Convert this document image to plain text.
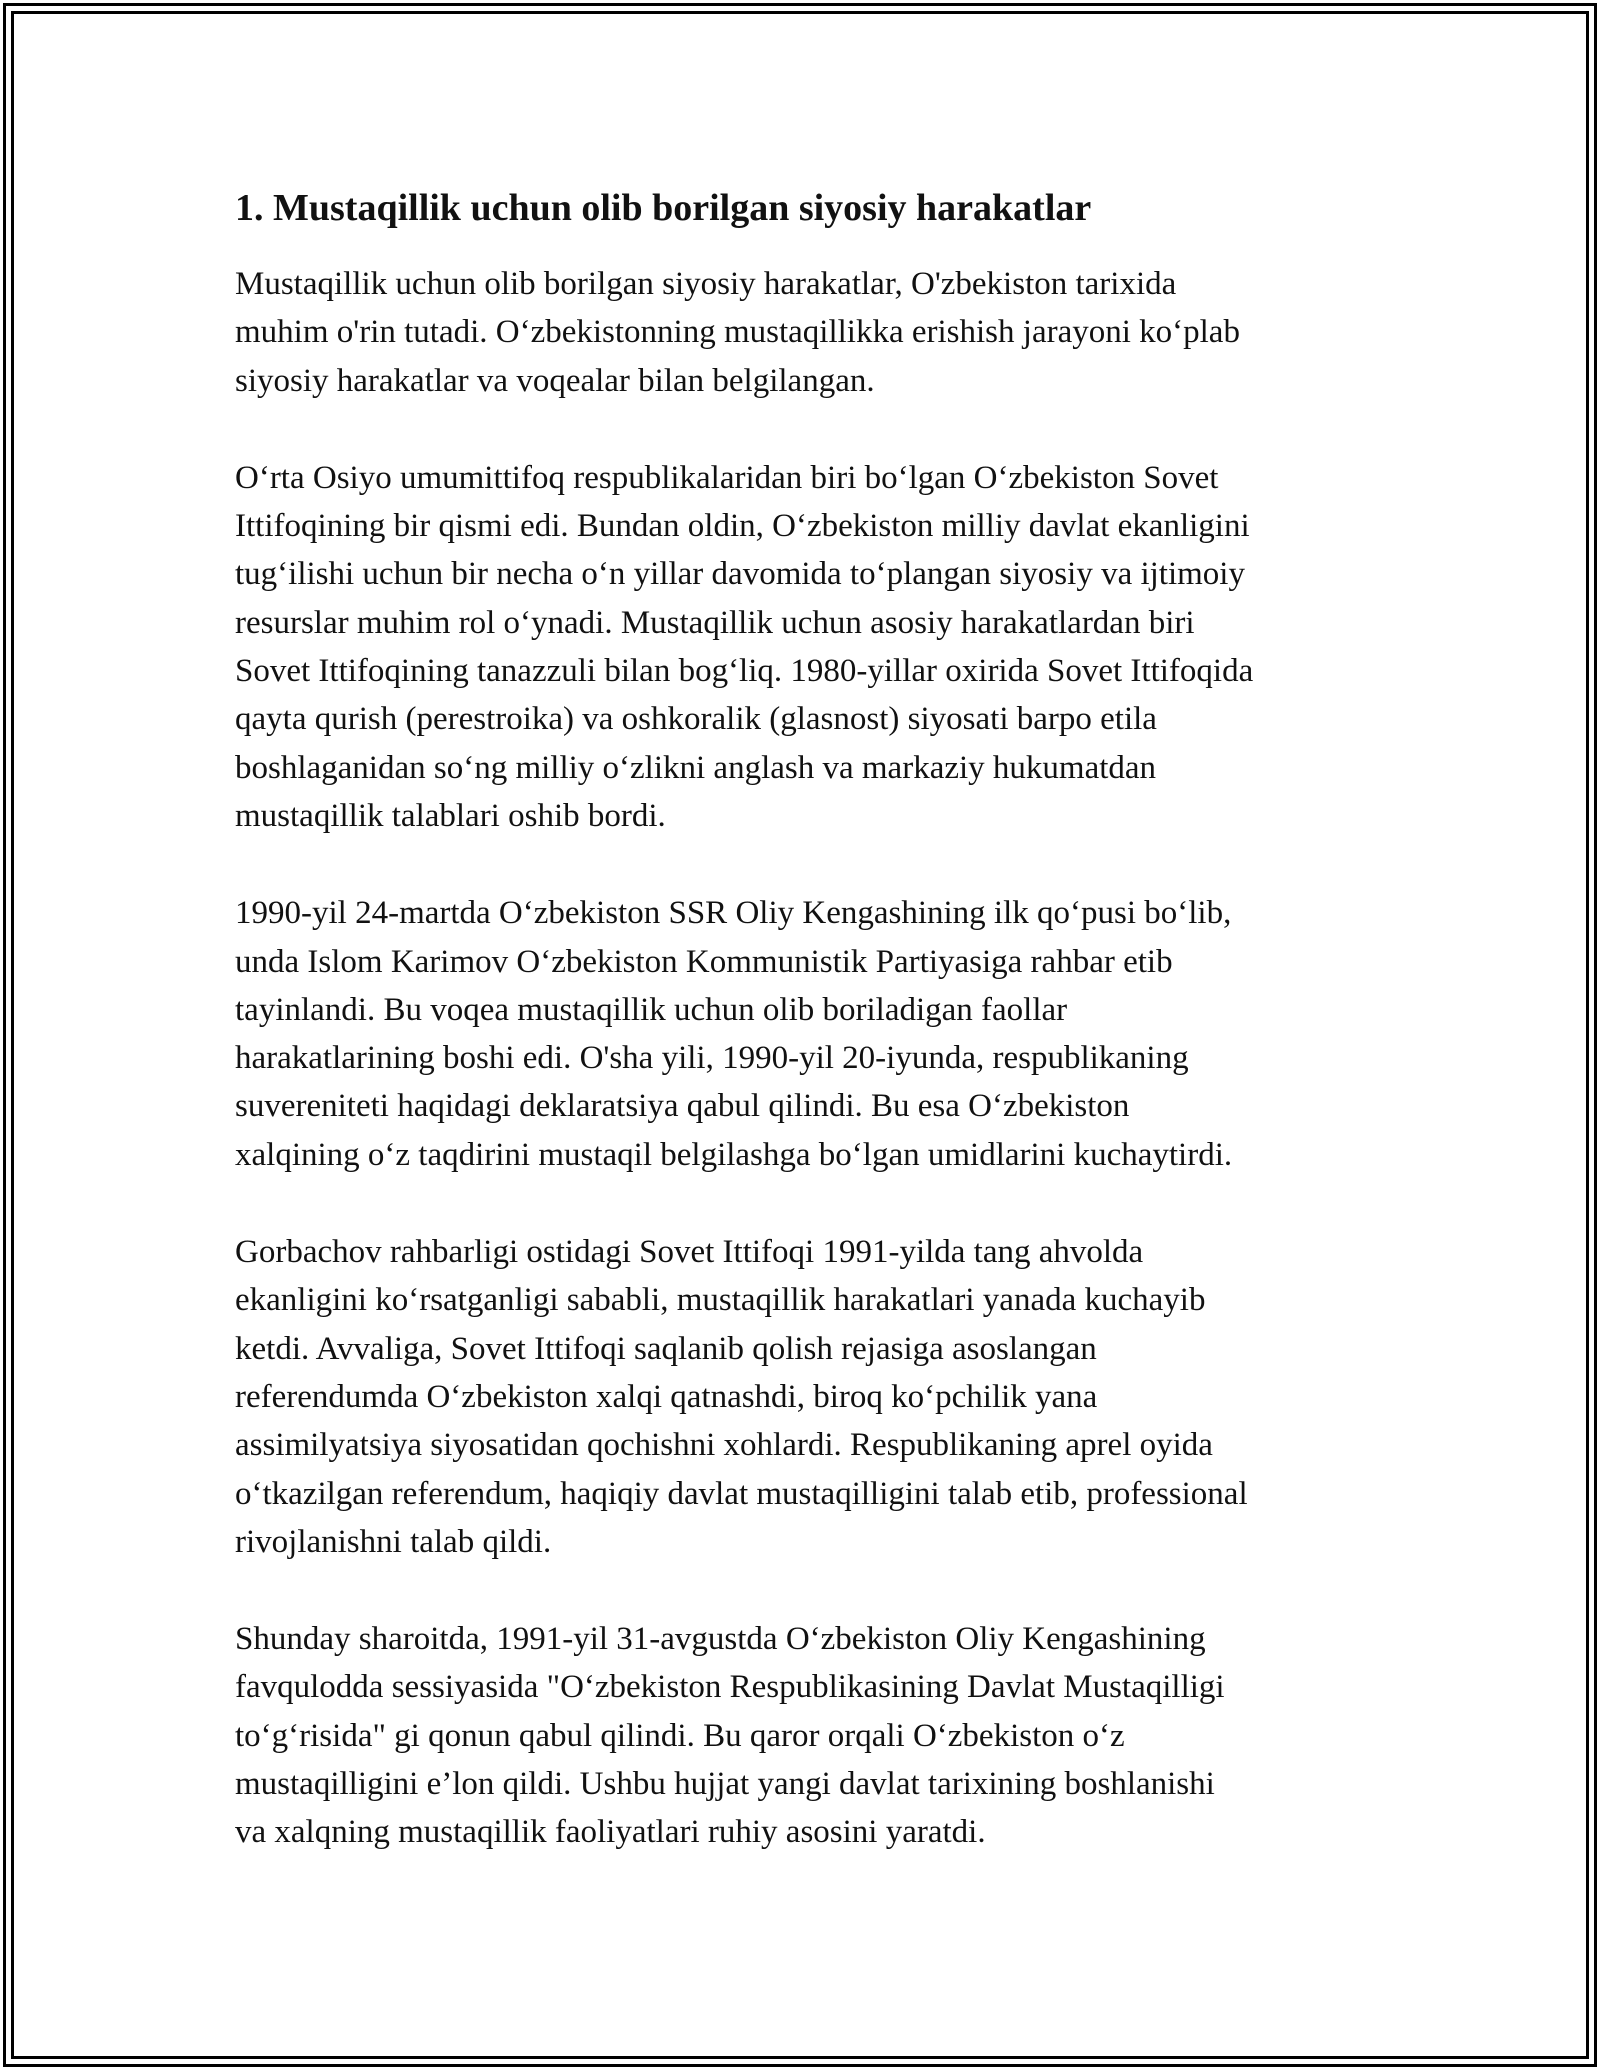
1. Mustaqillik uchun olib borilgan siyosiy harakatlar

Mustaqillik uchun olib borilgan siyosiy harakatlar, O'zbekiston tarixida
muhim o'rin tutadi. O‘zbekistonning mustaqillikka erishish jarayoni ko‘plab
siyosiy harakatlar va voqealar bilan belgilangan.

O‘rta Osiyo umumittifoq respublikalaridan biri bo‘lgan O‘zbekiston Sovet
Ittifoqining bir qismi edi. Bundan oldin, O‘zbekiston milliy davlat ekanligini
tug‘ilishi uchun bir necha o‘n yillar davomida to‘plangan siyosiy va ijtimoiy
resurslar muhim rol o‘ynadi. Mustaqillik uchun asosiy harakatlardan biri
Sovet Ittifoqining tanazzuli bilan bog‘liq. 1980-yillar oxirida Sovet Ittifoqida
qayta qurish (perestroika) va oshkoralik (glasnost) siyosati barpo etila
boshlaganidan so‘ng milliy o‘zlikni anglash va markaziy hukumatdan
mustaqillik talablari oshib bordi.

1990-yil 24-martda O‘zbekiston SSR Oliy Kengashining ilk qo‘pusi bo‘lib,
unda Islom Karimov O‘zbekiston Kommunistik Partiyasiga rahbar etib
tayinlandi. Bu voqea mustaqillik uchun olib boriladigan faollar
harakatlarining boshi edi. O'sha yili, 1990-yil 20-iyunda, respublikaning
suvereniteti haqidagi deklaratsiya qabul qilindi. Bu esa O‘zbekiston
xalqining o‘z taqdirini mustaqil belgilashga bo‘lgan umidlarini kuchaytirdi.

Gorbachov rahbarligi ostidagi Sovet Ittifoqi 1991-yilda tang ahvolda
ekanligini ko‘rsatganligi sababli, mustaqillik harakatlari yanada kuchayib
ketdi. Avvaliga, Sovet Ittifoqi saqlanib qolish rejasiga asoslangan
referendumda O‘zbekiston xalqi qatnashdi, biroq ko‘pchilik yana
assimilyatsiya siyosatidan qochishni xohlardi. Respublikaning aprel oyida
o‘tkazilgan referendum, haqiqiy davlat mustaqilligini talab etib, professional
rivojlanishni talab qildi.

Shunday sharoitda, 1991-yil 31-avgustda O‘zbekiston Oliy Kengashining
favqulodda sessiyasida "O‘zbekiston Respublikasining Davlat Mustaqilligi
to‘g‘risida" gi qonun qabul qilindi. Bu qaror orqali O‘zbekiston o‘z
mustaqilligini e’lon qildi. Ushbu hujjat yangi davlat tarixining boshlanishi
va xalqning mustaqillik faoliyatlari ruhiy asosini yaratdi.
